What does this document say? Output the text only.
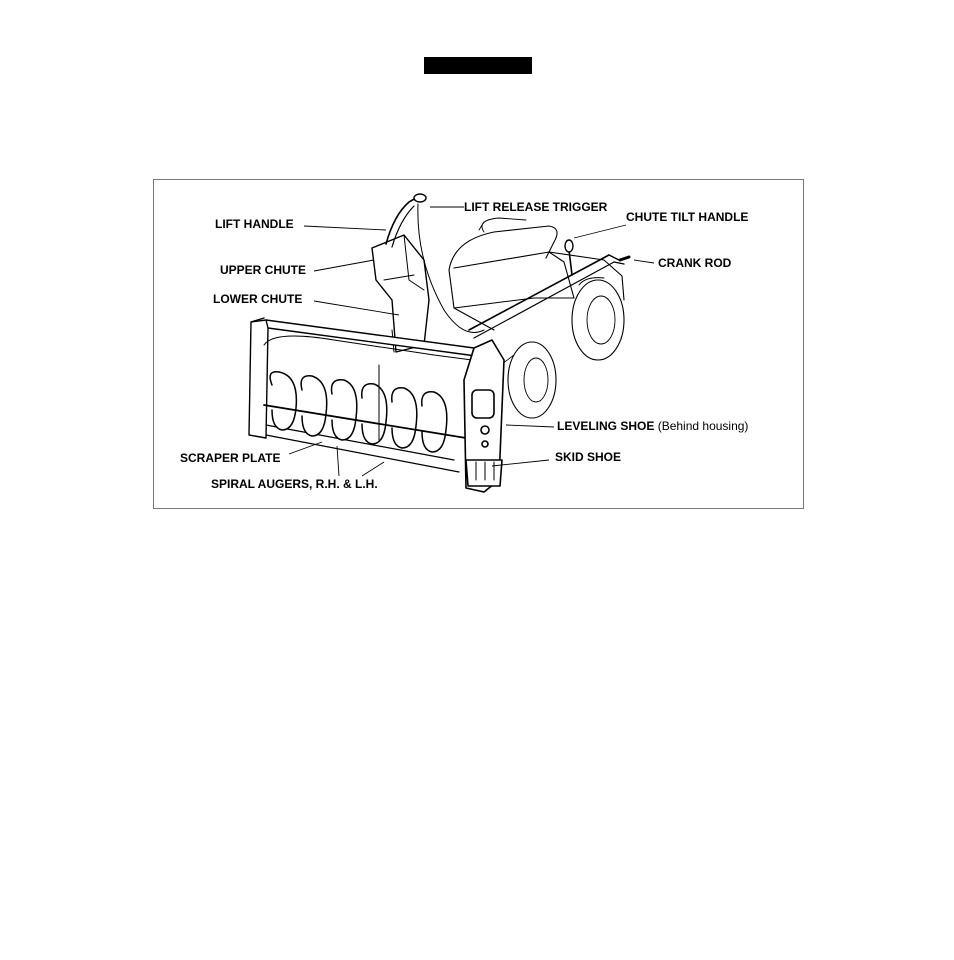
LIFT HANDLE
LIFT RELEASE TRIGGER
CHUTE TILT HANDLE
CRANK ROD
UPPER CHUTE
LOWER CHUTE
LEVELING SHOE (Behind housing)
SKID SHOE
SCRAPER PLATE
SPIRAL AUGERS, R.H. & L.H.
